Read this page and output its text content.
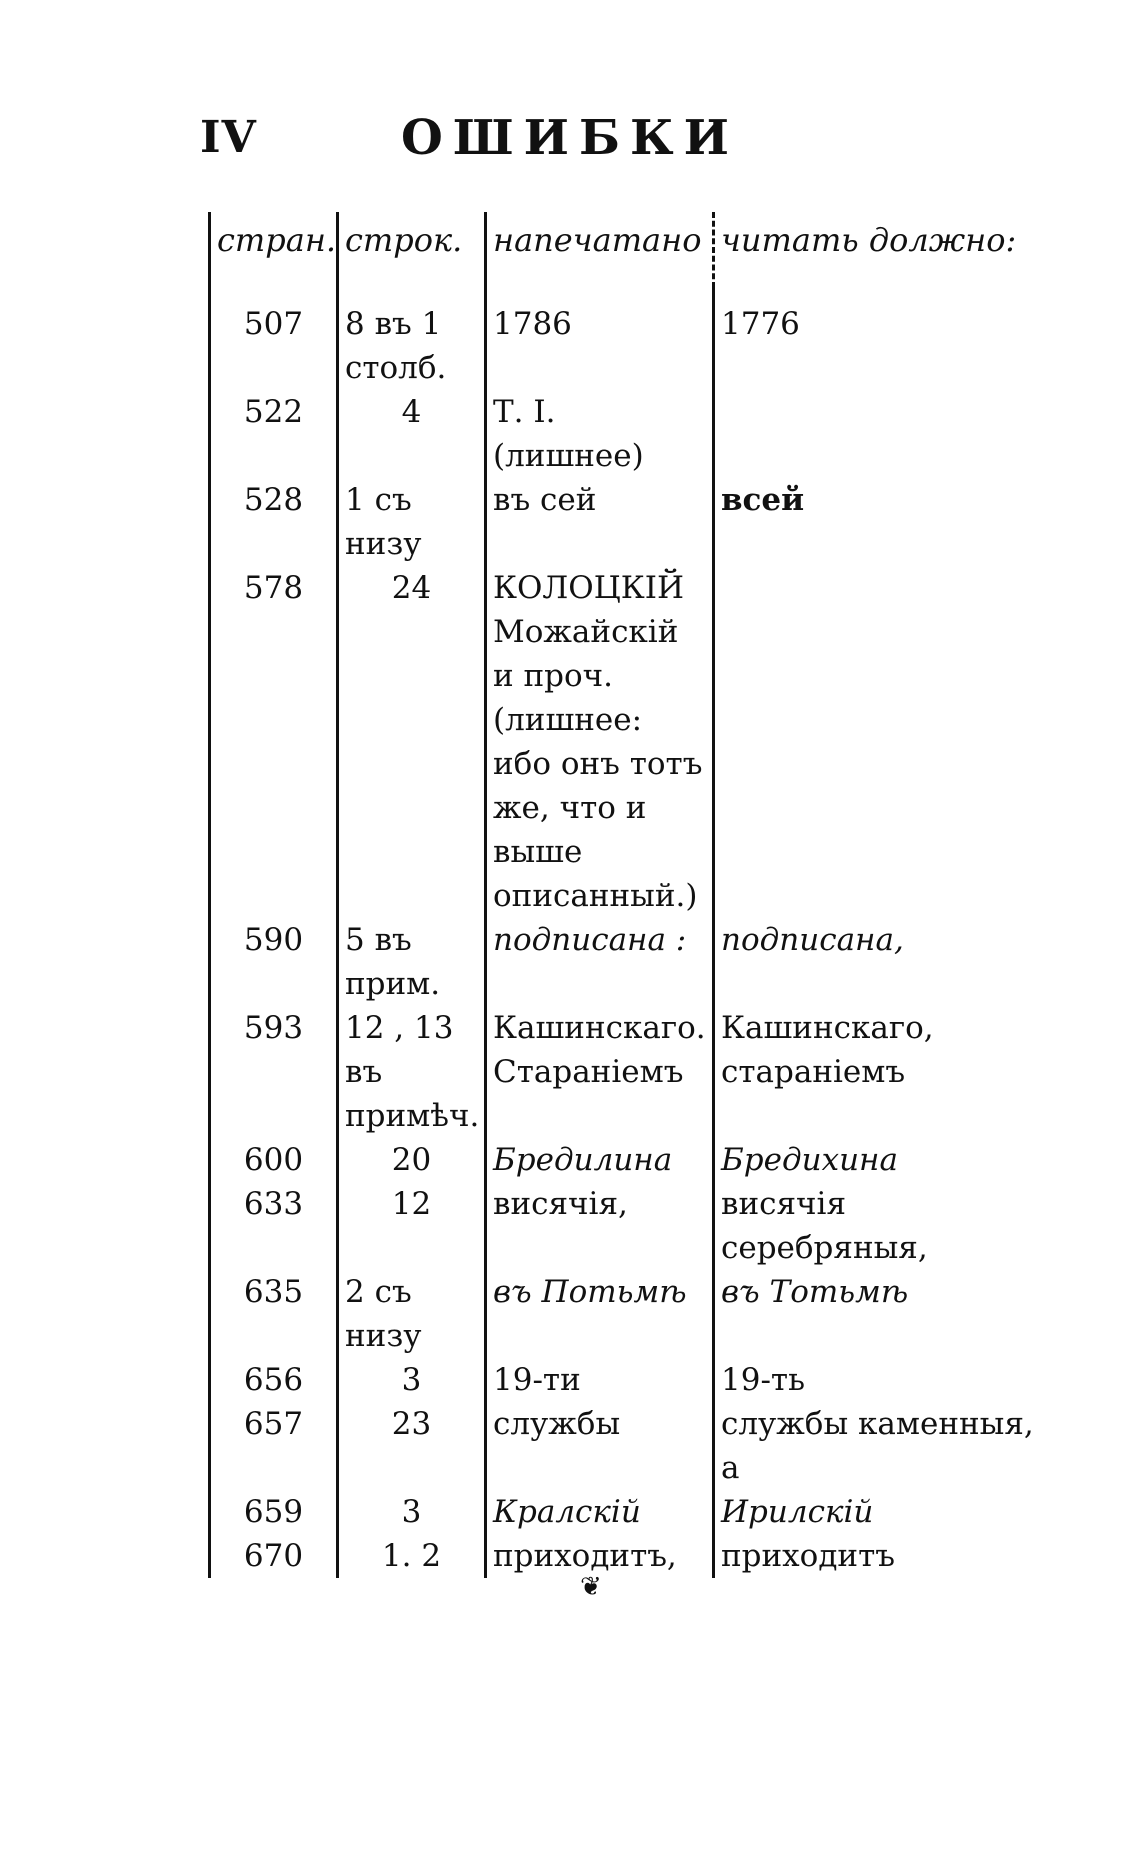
IV	ОШИБКИ
стран.	строк.	напечатано	читать должно:
507	8 въ 1 столб.	1786	1776
522	4	Т. I. (лишнее)	
528	1 съ низу	въ сей	всей
578	24	КОЛОЦКІЙ Можайскій и проч. (лишнее: ибо онъ тотъ же, что и выше описанный.)	
590	5 въ прим.	подписана :	подписана,
593	12 , 13 въ примѣч.	Кашинскаго. Стараніемъ	Кашинскаго, стараніемъ
600	20	Бредилина	Бредихина
633	12	висячія,	висячія серебряныя,
635	2 съ низу	въ Потьмѣ	въ Тотьмѣ
656	3	19-ти	19-ть
657	23	службы	службы каменныя, а
659	3	Кралскій	Ирилскій
670	1. 2	приходитъ,	приходитъ
❦
